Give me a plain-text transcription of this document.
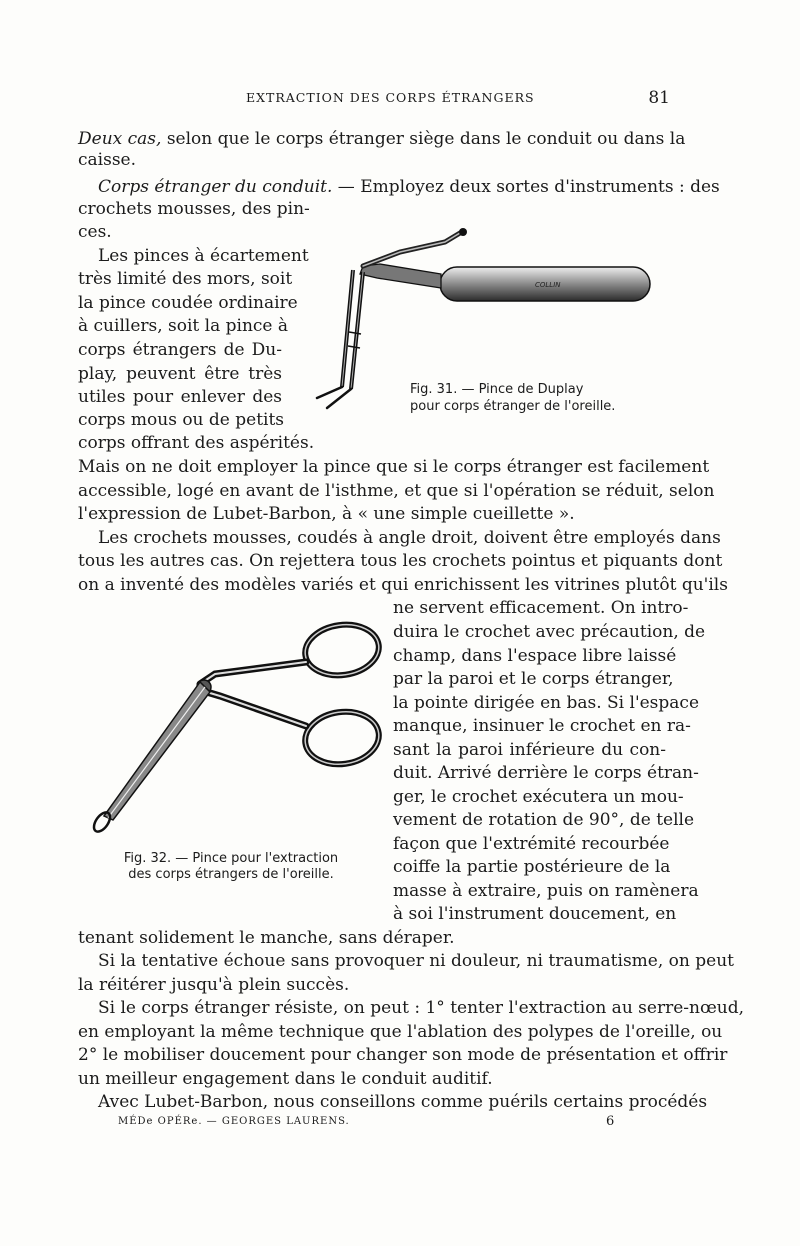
EXTRACTION DES CORPS ÉTRANGERS	81
Deux cas, selon que le corps étranger siège dans le conduit ou dans la
caisse.
Corps étranger du conduit. — Employez deux sortes d'instruments : des
crochets mousses, des pin-
ces.
Les pinces à écartement
très limité des mors, soit
la pince coudée ordinaire
à cuillers, soit la pince à
corps étrangers de Du-
play, peuvent être très
utiles pour enlever des
corps mous ou de petits
corps offrant des aspérités.
COLLIN
Fig. 31. — Pince de Duplay
pour corps étranger de l'oreille.
Mais on ne doit employer la pince que si le corps étranger est facilement
accessible, logé en avant de l'isthme, et que si l'opération se réduit, selon
l'expression de Lubet-Barbon, à « une simple cueillette ».
Les crochets mousses, coudés à angle droit, doivent être employés dans
tous les autres cas. On rejettera tous les crochets pointus et piquants dont
on a inventé des modèles variés et qui enrichissent les vitrines plutôt qu'ils
ne servent efficacement. On intro-
duira le crochet avec précaution, de
champ, dans l'espace libre laissé
par la paroi et le corps étranger,
la pointe dirigée en bas. Si l'espace
manque, insinuer le crochet en ra-
sant la paroi inférieure du con-
duit. Arrivé derrière le corps étran-
ger, le crochet exécutera un mou-
vement de rotation de 90°, de telle
façon que l'extrémité recourbée
coiffe la partie postérieure de la
masse à extraire, puis on ramènera
à soi l'instrument doucement, en
Fig. 32. — Pince pour l'extraction
des corps étrangers de l'oreille.
tenant solidement le manche, sans déraper.
Si la tentative échoue sans provoquer ni douleur, ni traumatisme, on peut
la réitérer jusqu'à plein succès.
Si le corps étranger résiste, on peut : 1° tenter l'extraction au serre-nœud,
en employant la même technique que l'ablation des polypes de l'oreille, ou
2° le mobiliser doucement pour changer son mode de présentation et offrir
un meilleur engagement dans le conduit auditif.
Avec Lubet-Barbon, nous conseillons comme puérils certains procédés
MÉDe OPÉRe. — GEORGES LAURENS.	6
